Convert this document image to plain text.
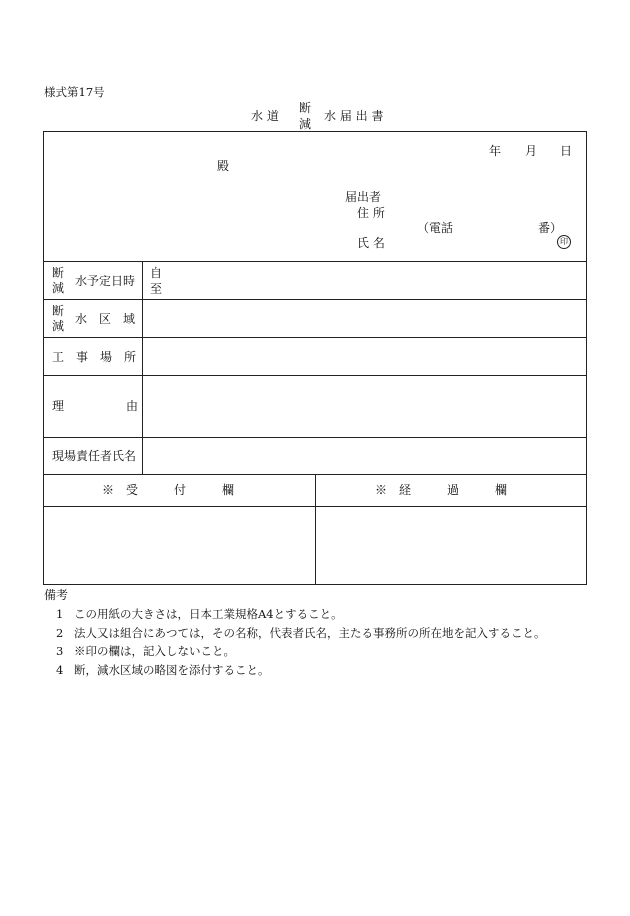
様式第17号
水 道
断
減
水 届 出 書
年 月 日
殿
届出者
住 所
（電話	番）
氏 名	印
断
減 水予定日時
自
至
断
減 水　区　域
工　事　場　所
理	由
現場責任者氏名
※　受　　　付　　　欄	※　経　　　過　　　欄
備考
1 この用紙の大きさは，日本工業規格A4とすること。
2 法人又は組合にあつては，その名称，代表者氏名，主たる事務所の所在地を記入すること。
3 ※印の欄は，記入しないこと。
4 断，減水区域の略図を添付すること。
